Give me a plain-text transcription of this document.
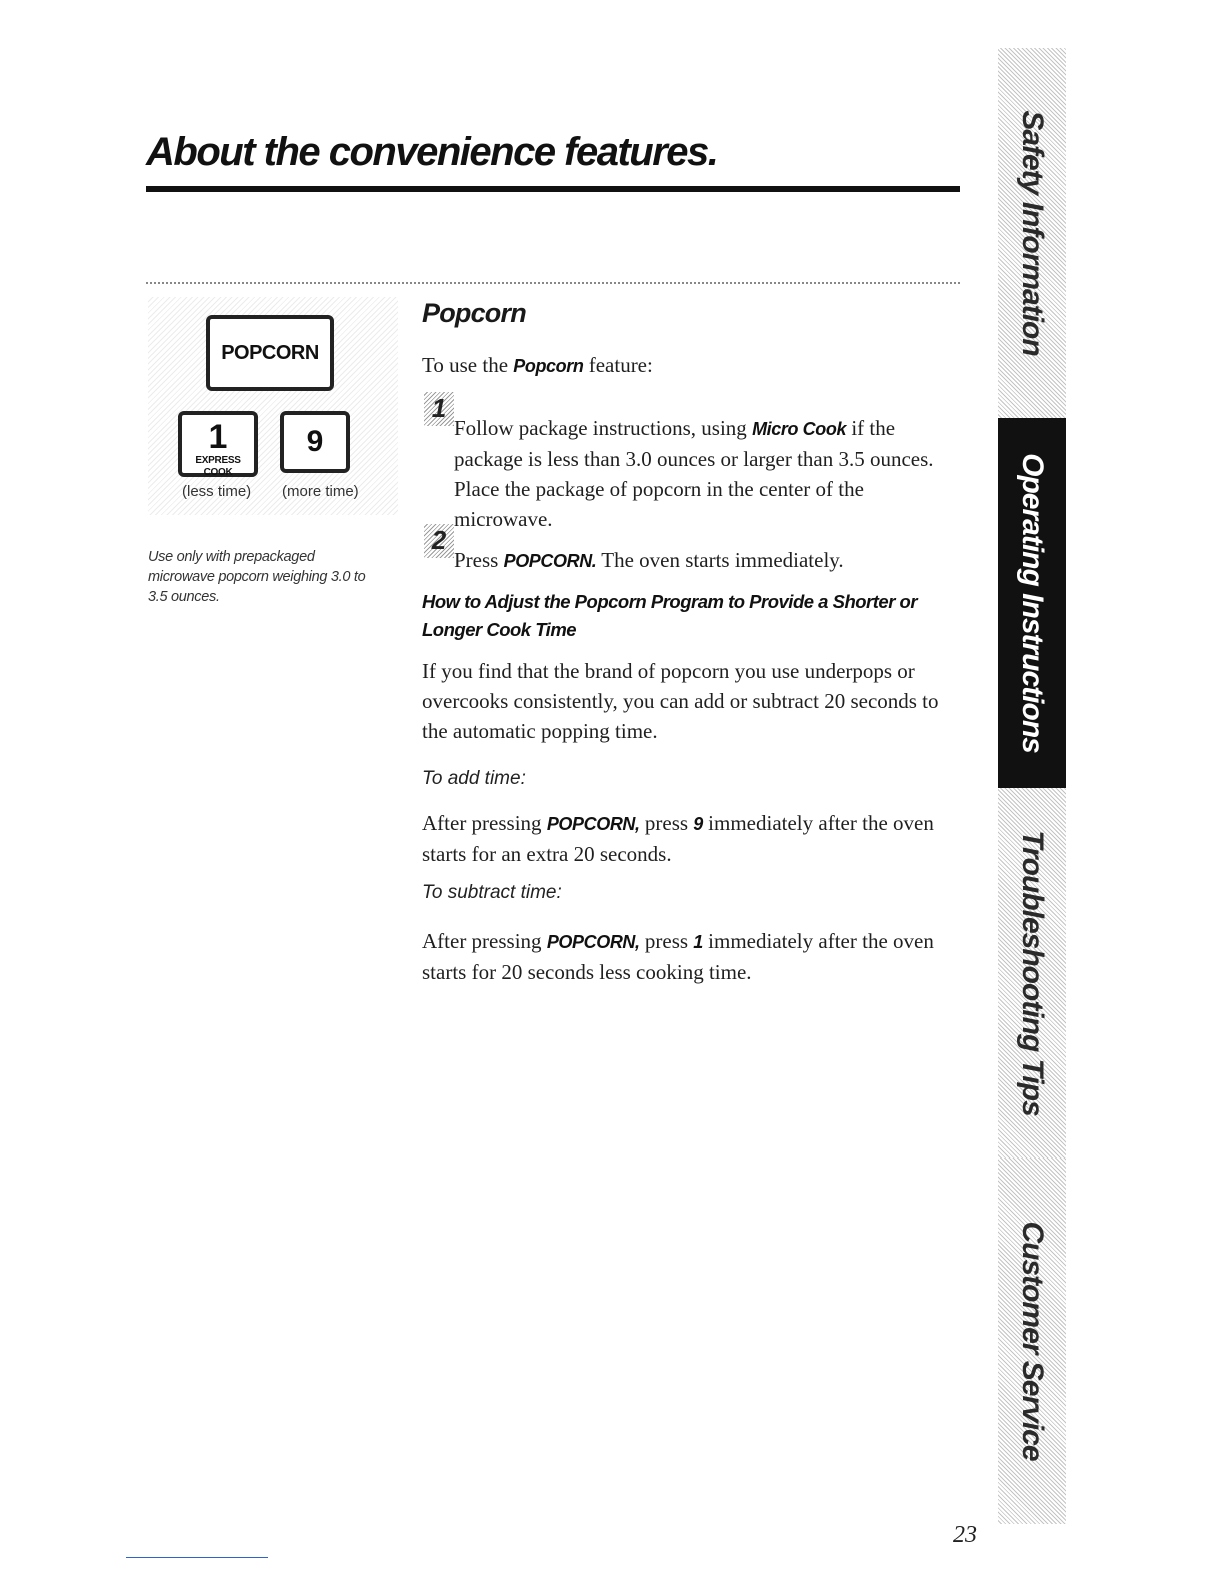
About the convenience features.
POPCORN
1
EXPRESS COOK
9
(less time) (more time)

Use only with prepackaged microwave popcorn weighing 3.0 to 3.5 ounces.

Popcorn

To use the Popcorn feature:

1

Follow package instructions, using Micro Cook if the package is less than 3.0 ounces or larger than 3.5 ounces. Place the package of popcorn in the center of the microwave.

2

Press POPCORN. The oven starts immediately.

How to Adjust the Popcorn Program to Provide a Shorter or Longer Cook Time

If you find that the brand of popcorn you use underpops or overcooks consistently, you can add or subtract 20 seconds to the automatic popping time.

To add time:

After pressing POPCORN, press 9 immediately after the oven starts for an extra 20 seconds.

To subtract time:

After pressing POPCORN, press 1 immediately after the oven starts for 20 seconds less cooking time.

Safety Information
Operating Instructions
Troubleshooting Tips
Customer Service
23
